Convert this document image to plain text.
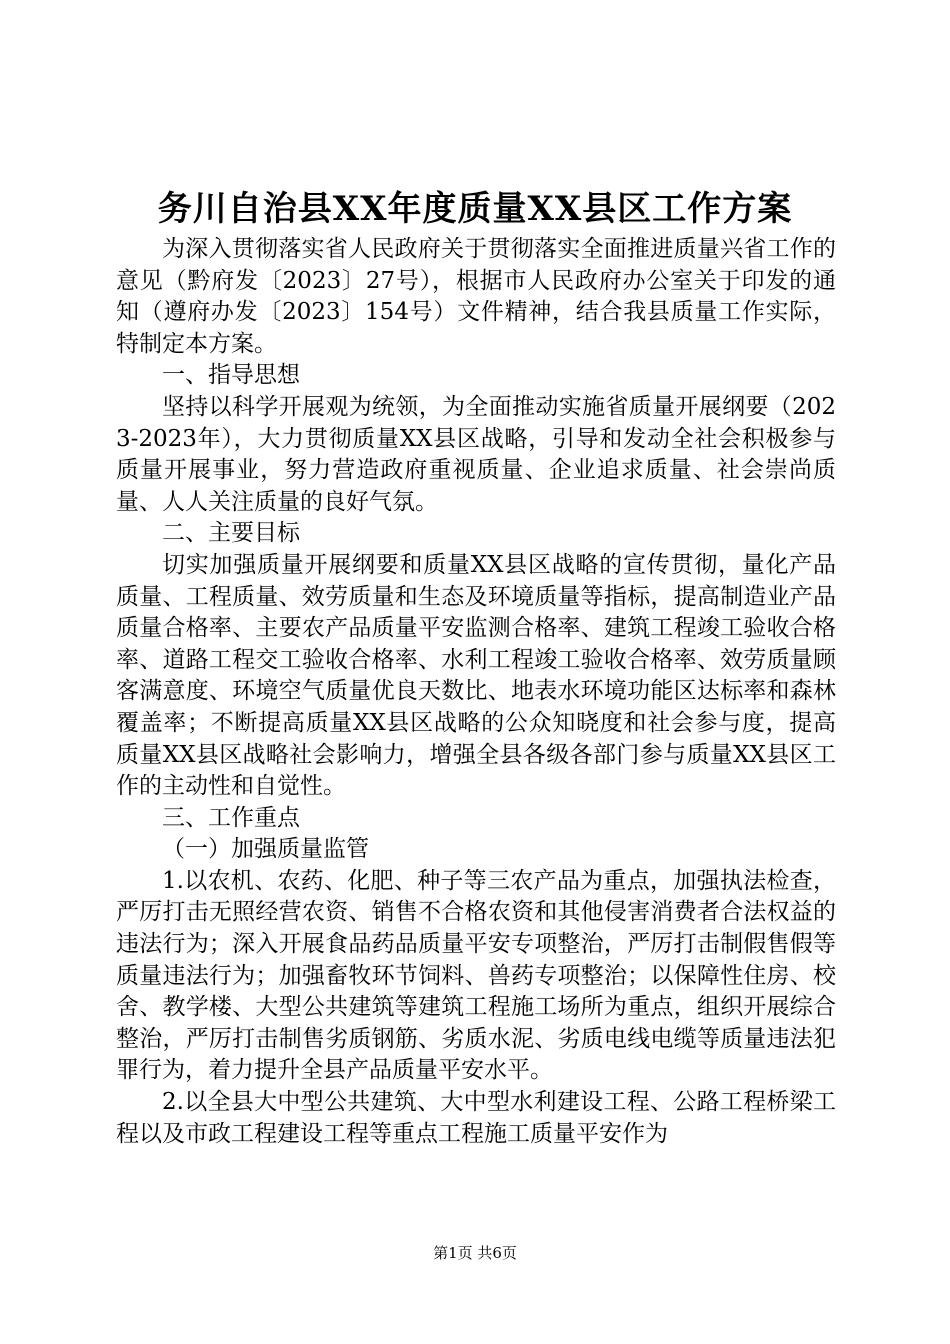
务川自治县XX年度质量XX县区工作方案

为深入贯彻落实省人民政府关于贯彻落实全面推进质量兴省工作的意见（黔府发〔2023〕27号），根据市人民政府办公室关于印发的通知（遵府办发〔2023〕154号）文件精神，结合我县质量工作实际，特制定本方案。

一、指导思想

坚持以科学开展观为统领，为全面推动实施省质量开展纲要（2023-2023年），大力贯彻质量XX县区战略，引导和发动全社会积极参与质量开展事业，努力营造政府重视质量、企业追求质量、社会崇尚质量、人人关注质量的良好气氛。

二、主要目标

切实加强质量开展纲要和质量XX县区战略的宣传贯彻，量化产品质量、工程质量、效劳质量和生态及环境质量等指标，提高制造业产品质量合格率、主要农产品质量平安监测合格率、建筑工程竣工验收合格率、道路工程交工验收合格率、水利工程竣工验收合格率、效劳质量顾客满意度、环境空气质量优良天数比、地表水环境功能区达标率和森林覆盖率；不断提高质量XX县区战略的公众知晓度和社会参与度，提高质量XX县区战略社会影响力，增强全县各级各部门参与质量XX县区工作的主动性和自觉性。

三、工作重点

（一）加强质量监管

1.以农机、农药、化肥、种子等三农产品为重点，加强执法检查，严厉打击无照经营农资、销售不合格农资和其他侵害消费者合法权益的违法行为；深入开展食品药品质量平安专项整治，严厉打击制假售假等质量违法行为；加强畜牧环节饲料、兽药专项整治；以保障性住房、校舍、教学楼、大型公共建筑等建筑工程施工场所为重点，组织开展综合整治，严厉打击制售劣质钢筋、劣质水泥、劣质电线电缆等质量违法犯罪行为，着力提升全县产品质量平安水平。

2.以全县大中型公共建筑、大中型水利建设工程、公路工程桥梁工程以及市政工程建设工程等重点工程施工质量平安作为

第1页 共6页
